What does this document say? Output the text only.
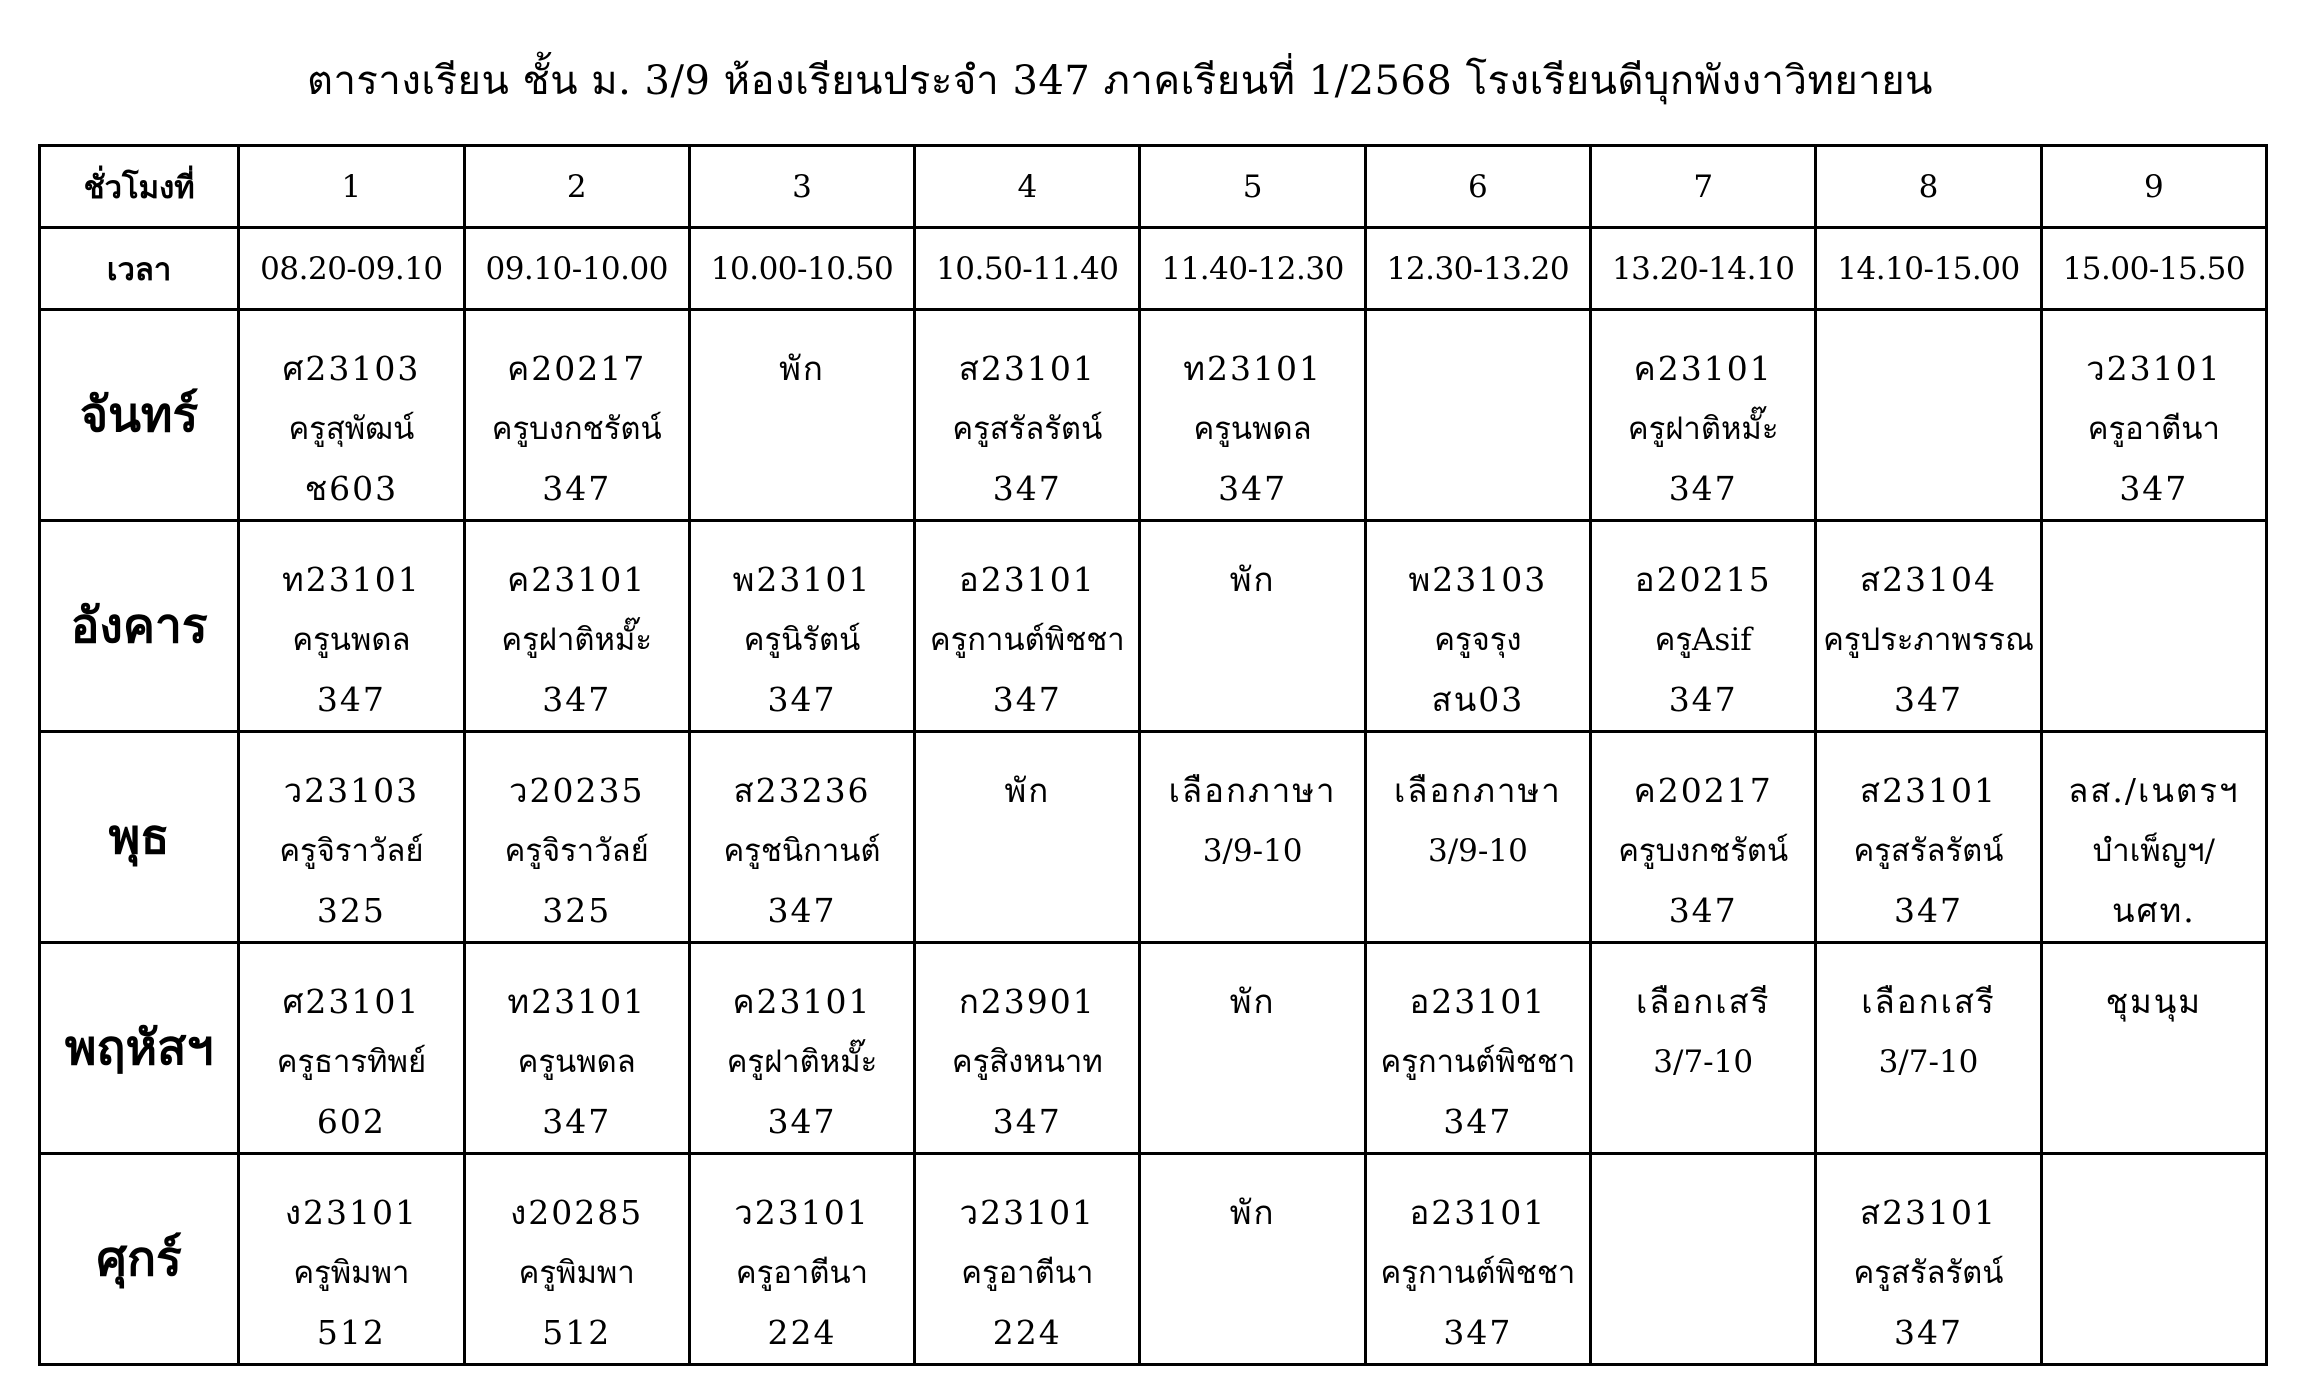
ตารางเรียน ชั้น ม. 3/9 ห้องเรียนประจำ 347 ภาคเรียนที่ 1/2568 โรงเรียนดีบุกพังงาวิทยายน
ชั่วโมงที่	1	2	3	4	5	6	7	8	9
เวลา	08.20-09.10	09.10-10.00	10.00-10.50	10.50-11.40	11.40-12.30	12.30-13.20	13.20-14.10	14.10-15.00	15.00-15.50
จันทร์	ศ23103
ครูสุพัฒน์
ช603	ค20217
ครูบงกชรัตน์
347	พัก	ส23101
ครูสรัลรัตน์
347	ท23101
ครูนพดล
347		ค23101
ครูฝาติหมั๊ะ
347		ว23101
ครูอาตีนา
347

อังคาร	ท23101
ครูนพดล
347	ค23101
ครูฝาติหมั๊ะ
347	พ23101
ครูนิรัตน์
347	อ23101
ครูกานต์พิชชา
347	พัก	พ23103
ครูจรุง
สน03	อ20215
ครูAsif
347	ส23104
ครูประภาพรรณ
347	

พุธ	ว23103
ครูจิราวัลย์
325	ว20235
ครูจิราวัลย์
325	ส23236
ครูชนิกานต์
347	พัก	เลือกภาษา
3/9-10	เลือกภาษา
3/9-10	ค20217
ครูบงกชรัตน์
347	ส23101
ครูสรัลรัตน์
347	ลส./เนตรฯ
บำเพ็ญฯ/
นศท.

พฤหัสฯ	ศ23101
ครูธารทิพย์
602	ท23101
ครูนพดล
347	ค23101
ครูฝาติหมั๊ะ
347	ก23901
ครูสิงหนาท
347	พัก	อ23101
ครูกานต์พิชชา
347	เลือกเสรี
3/7-10	เลือกเสรี
3/7-10	ชุมนุม

ศุกร์	ง23101
ครูพิมพา
512	ง20285
ครูพิมพา
512	ว23101
ครูอาตีนา
224	ว23101
ครูอาตีนา
224	พัก	อ23101
ครูกานต์พิชชา
347		ส23101
ครูสรัลรัตน์
347	
